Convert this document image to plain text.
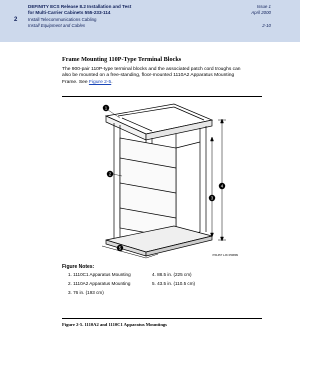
DEFINITY ECS Release 8.2 Installation and Test
for Multi-Carrier Cabinets 555-233-114
Issue 1
April 2000
2 Install Telecommunications Cabling
Install Equipment and Cables	2-10
Frame Mounting 110P-Type Terminal Blocks
The 900-pair 110P-type terminal blocks and the associated patch cord troughs can also be mounted on a free-standing, floor-mounted 1110A2 Apparatus Mounting Frame. See Figure 2-5.
1
2
3
4
5
r761457 LJK 050899
Figure Notes:
1. 1110C1 Apparatus Mounting
2. 1110A2 Apparatus Mounting
3. 76 in. (193 cm)
4. 88.5 in. (225 cm)
5. 43.5 in. (110.5 cm)
Figure 2-5. 1110A2 and 1110C1 Apparatus Mountings
